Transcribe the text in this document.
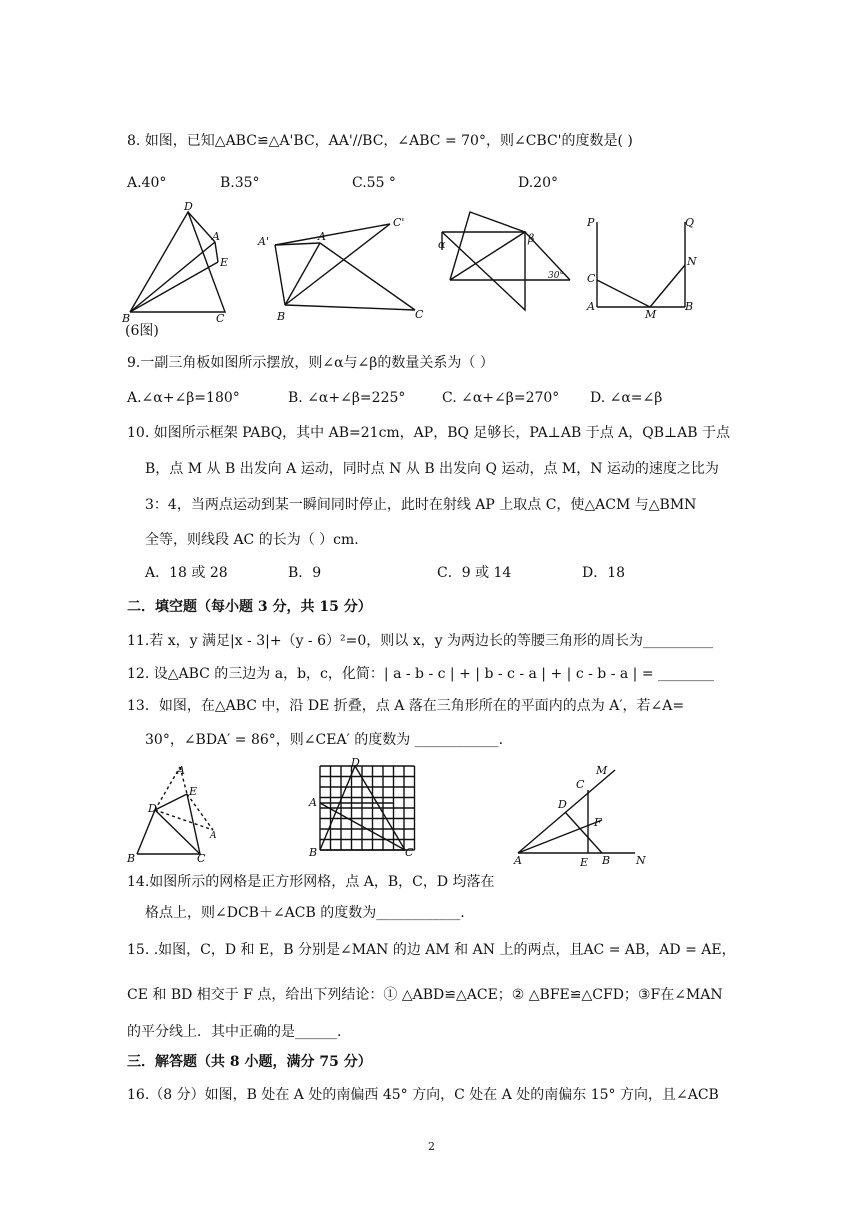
8. 如图，已知△ABC≌△A'BC，AA'//BC，∠ABC = 70°，则∠CBC'的度数是( )
A.40°	B.35°	C.55 °	D.20°
D
A
E
B	C
(6图)
A'	A
C'
B	C
α	β
30°
P	Q
N
C
A
M
B
9.一副三角板如图所示摆放，则∠α与∠β的数量关系为（ ）
A.∠α+∠β=180°	B. ∠α+∠β=225°	C. ∠α+∠β=270° D. ∠α=∠β
10. 如图所示框架 PABQ，其中 AB=21cm，AP，BQ 足够长，PA⊥AB 于点 A，QB⊥AB 于点
B，点 M 从 B 出发向 A 运动，同时点 N 从 B 出发向 Q 运动，点 M，N 运动的速度之比为
3：4，当两点运动到某一瞬间同时停止，此时在射线 AP 上取点 C，使△ACM 与△BMN
全等，则线段 AC 的长为（ ）cm.
A．18 或 28	B．9	C．9 或 14	D．18
二．填空题（每小题 3 分，共 15 分）
11.若 x，y 满足|x - 3|+（y - 6）²=0，则以 x，y 为两边长的等腰三角形的周长为__________
12. 设△ABC 的三边为 a，b，c，化简：| a - b - c | + | b - c - a | + | c - b - a | = ________
13．如图，在△ABC 中，沿 DE 折叠，点 A 落在三角形所在的平面内的点为 A′，若∠A=
30°，∠BDA′ = 86°，则∠CEA′ 的度数为 ____________.
A
D
E
A
B	C
D
A
B	C
M
C
D
F
A	E B N
14.如图所示的网格是正方形网格，点 A，B，C，D 均落在
格点上，则∠DCB＋∠ACB 的度数为____________.
15. .如图，C，D 和 E，B 分别是∠MAN 的边 AM 和 AN 上的两点，且AC = AB，AD = AE，
CE 和 BD 相交于 F 点，给出下列结论：① △ABD≌△ACE；② △BFE≌△CFD；③F在∠MAN
的平分线上．其中正确的是______.
三．解答题（共 8 小题，满分 75 分）
16.（8 分）如图，B 处在 A 处的南偏西 45° 方向，C 处在 A 处的南偏东 15° 方向，且∠ACB
2
